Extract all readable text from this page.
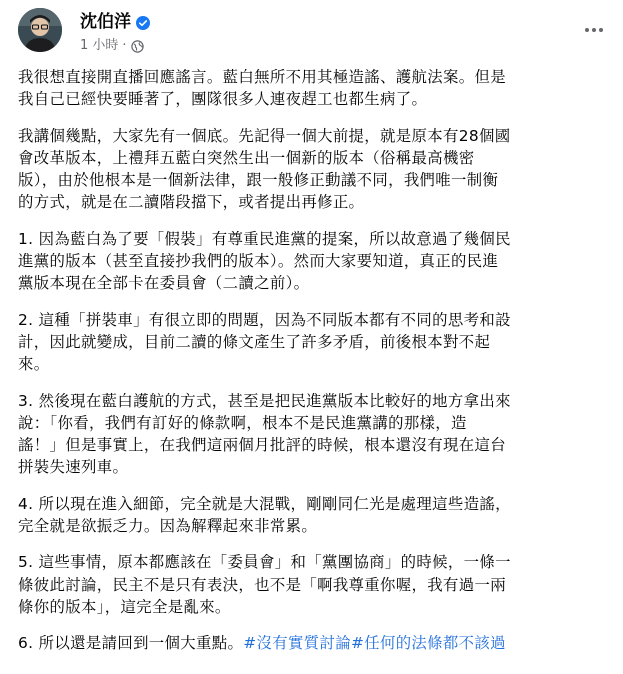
沈伯洋
1 小時 ·

我很想直接開直播回應謠言。藍白無所不用其極造謠、護航法案。但是
我自己已經快要睡著了，團隊很多人連夜趕工也都生病了。

我講個幾點，大家先有一個底。先記得一個大前提，就是原本有28個國
會改革版本，上禮拜五藍白突然生出一個新的版本（俗稱最高機密
版），由於他根本是一個新法律，跟一般修正動議不同，我們唯一制衡
的方式，就是在二讀階段擋下，或者提出再修正。

1. 因為藍白為了要「假裝」有尊重民進黨的提案，所以故意過了幾個民
進黨的版本（甚至直接抄我們的版本）。然而大家要知道，真正的民進
黨版本現在全部卡在委員會（二讀之前）。

2. 這種「拼裝車」有很立即的問題，因為不同版本都有不同的思考和設
計，因此就變成，目前二讀的條文產生了許多矛盾，前後根本對不起
來。

3. 然後現在藍白護航的方式，甚至是把民進黨版本比較好的地方拿出來
說：「你看，我們有訂好的條款啊，根本不是民進黨講的那樣，造
謠！」但是事實上，在我們這兩個月批評的時候，根本還沒有現在這台
拼裝失速列車。

4. 所以現在進入細節，完全就是大混戰，剛剛同仁光是處理這些造謠，
完全就是欲振乏力。因為解釋起來非常累。

5. 這些事情，原本都應該在「委員會」和「黨團協商」的時候，一條一
條彼此討論，民主不是只有表決，也不是「啊我尊重你喔，我有過一兩
條你的版本」，這完全是亂來。

6. 所以還是請回到一個大重點。#沒有實質討論#任何的法條都不該過
